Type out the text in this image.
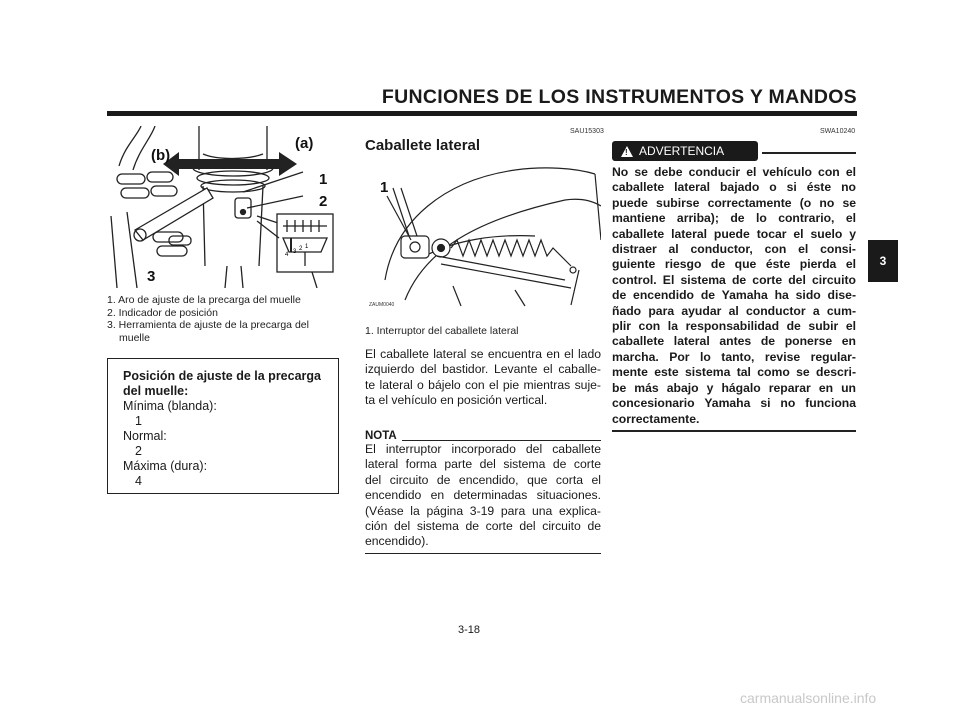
FUNCIONES DE LOS INSTRUMENTOS Y MANDOS
3
(b)
(a)
1
2
3
1
2
3
4
1. Aro de ajuste de la precarga del muelle
2. Indicador de posición
3. Herramienta de ajuste de la precarga del
muelle
Posición de ajuste de la precarga
del muelle:
Mínima (blanda):
1
Normal:
2
Máxima (dura):
4
SAU15303
Caballete lateral
1
ZAUM0040
1. Interruptor del caballete lateral
El caballete lateral se encuentra en el lado
izquierdo del bastidor. Levante el caballe-
te lateral o bájelo con el pie mientras suje-
ta el vehículo en posición vertical.
NOTA
El interruptor incorporado del caballete
lateral forma parte del sistema de corte
del circuito de encendido, que corta el
encendido en determinadas situaciones.
(Véase la página 3-19 para una explica-
ción del sistema de corte del circuito de
encendido).
SWA10240
! ADVERTENCIA
No se debe conducir el vehículo con el
caballete lateral bajado o si éste no
puede subirse correctamente (o no se
mantiene arriba); de lo contrario, el
caballete lateral puede tocar el suelo y
distraer al conductor, con el consi-
guiente riesgo de que éste pierda el
control. El sistema de corte del circuito
de encendido de Yamaha ha sido dise-
ñado para ayudar al conductor a cum-
plir con la responsabilidad de subir el
caballete lateral antes de ponerse en
marcha. Por lo tanto, revise regular-
mente este sistema tal como se descri-
be más abajo y hágalo reparar en un
concesionario Yamaha si no funciona
correctamente.
3-18
carmanualsonline.info
